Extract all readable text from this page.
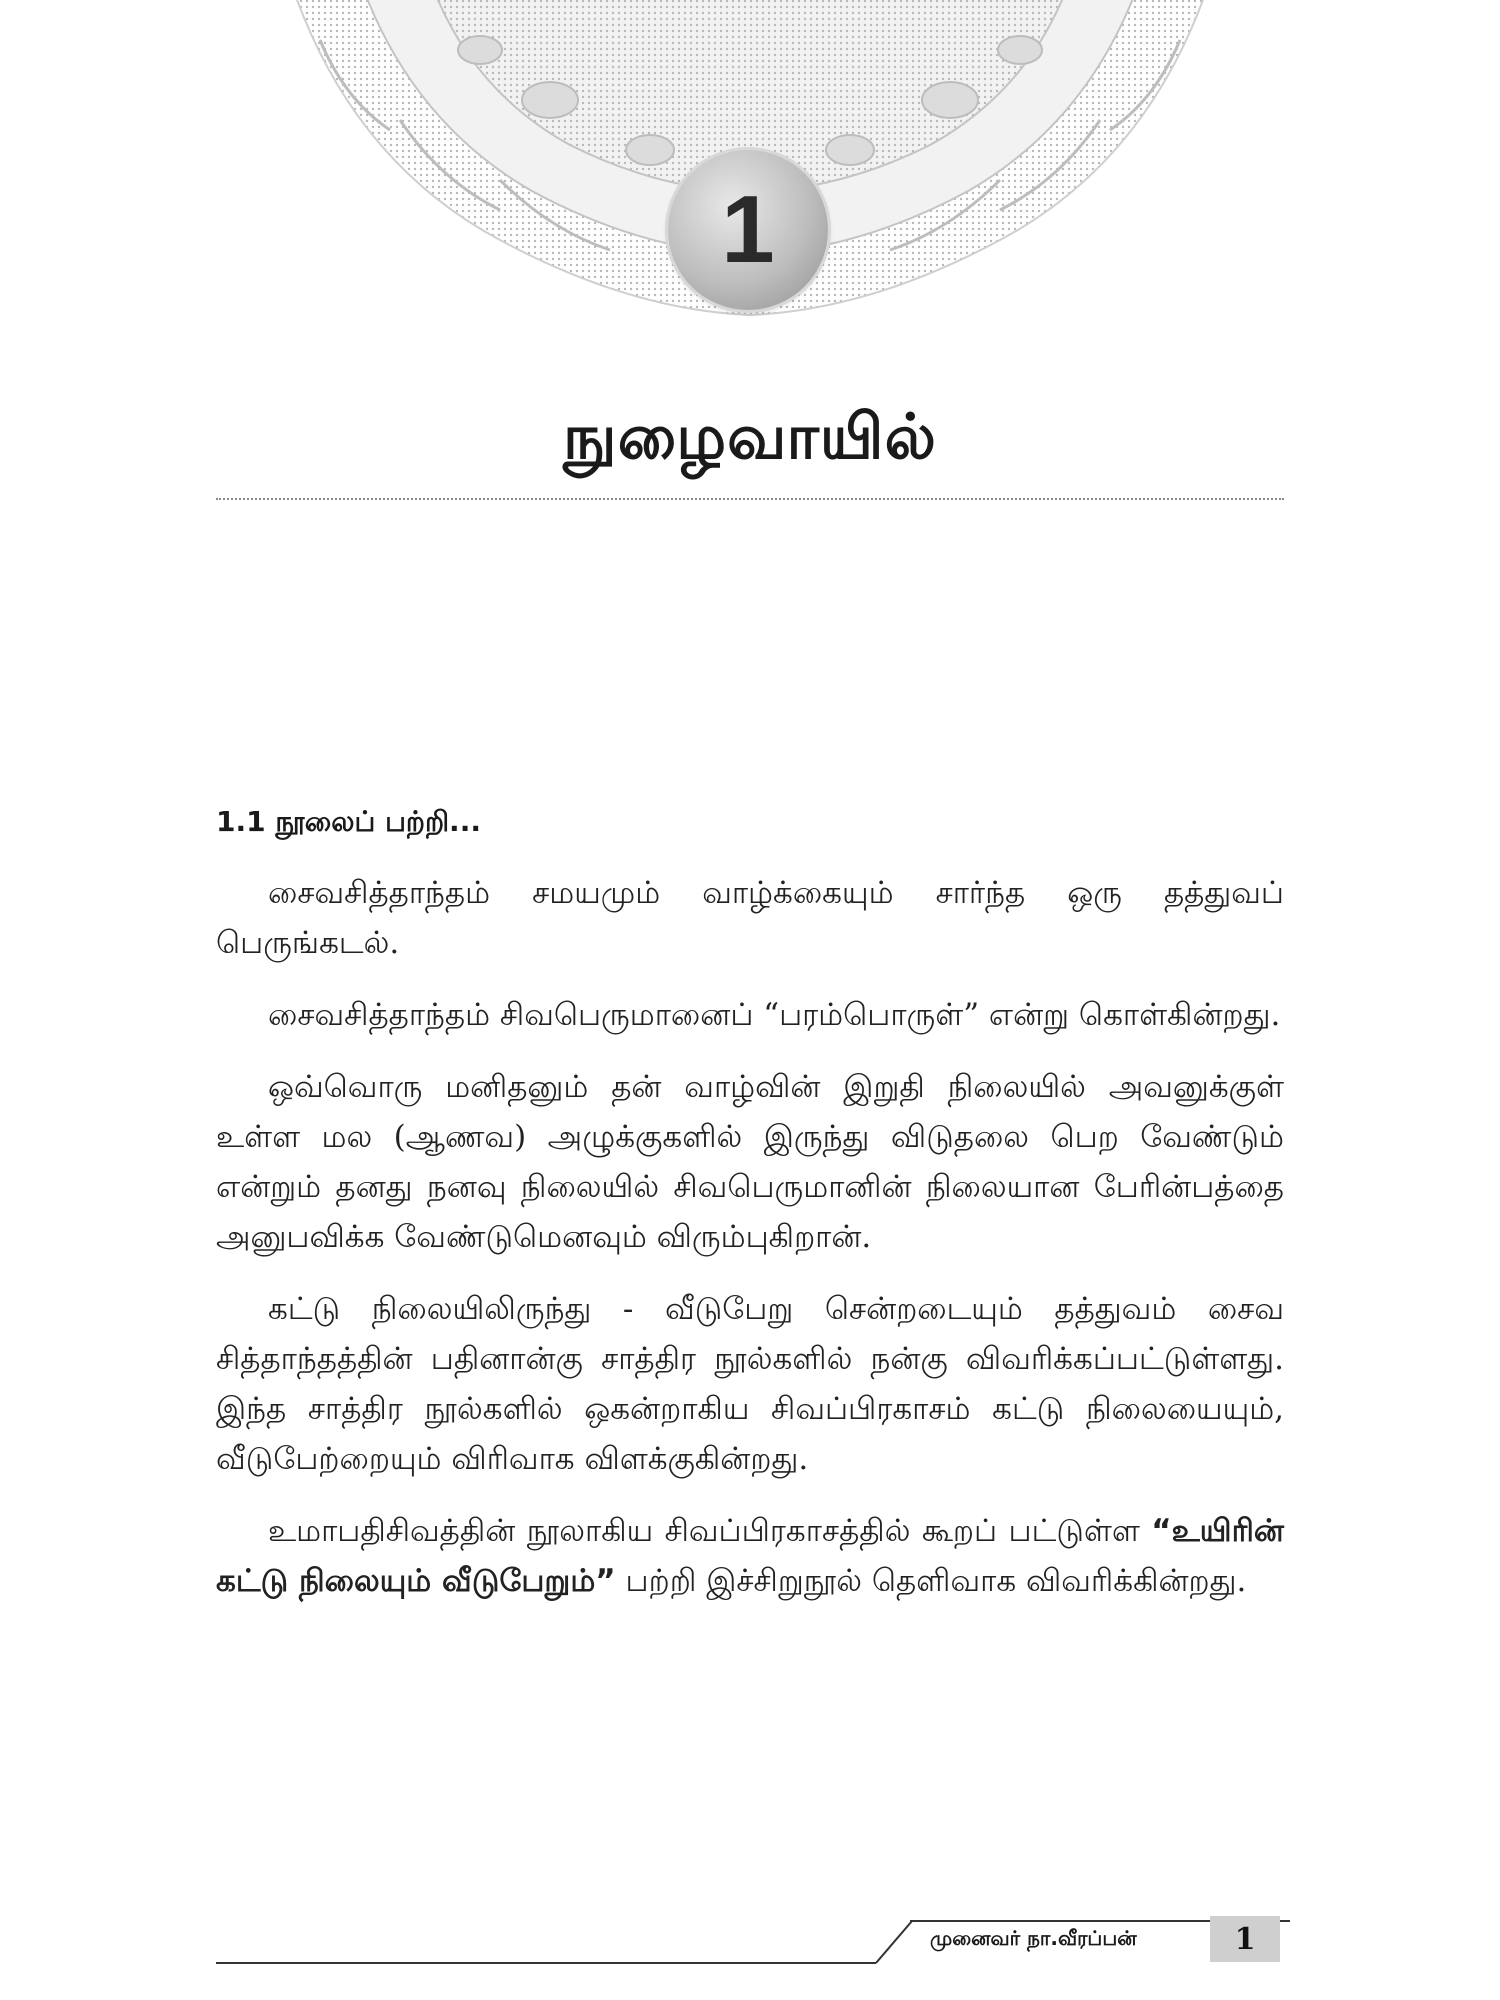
1
நுழைவாயில்
1.1 நூலைப் பற்றி...

சைவசித்தாந்தம் சமயமும் வாழ்க்கையும் சார்ந்த ஒரு தத்துவப் பெருங்கடல்.

சைவசித்தாந்தம் சிவபெருமானைப் “பரம்பொருள்” என்று கொள்கின்றது.

ஒவ்வொரு மனிதனும் தன் வாழ்வின் இறுதி நிலையில் அவனுக்குள் உள்ள மல (ஆணவ) அழுக்குகளில் இருந்து விடுதலை பெற வேண்டும் என்றும் தனது நனவு நிலையில் சிவபெருமானின் நிலையான பேரின்பத்தை அனுபவிக்க வேண்டுமெனவும் விரும்புகிறான்.

கட்டு நிலையிலிருந்து - வீடுபேறு சென்றடையும் தத்துவம் சைவ சித்தாந்தத்தின் பதினான்கு சாத்திர நூல்களில் நன்கு விவரிக்கப்பட்டுள்ளது. இந்த சாத்திர நூல்களில் ஒகன்றாகிய சிவப்பிரகாசம் கட்டு நிலையையும், வீடுபேற்றையும் விரிவாக விளக்குகின்றது.

உமாபதிசிவத்தின் நூலாகிய சிவப்பிரகாசத்தில் கூறப் பட்டுள்ள “உயிரின் கட்டு நிலையும் வீடுபேறும்” பற்றி இச்சிறுநூல் தெளிவாக விவரிக்கின்றது.

முனைவர் நா.வீரப்பன்	1
